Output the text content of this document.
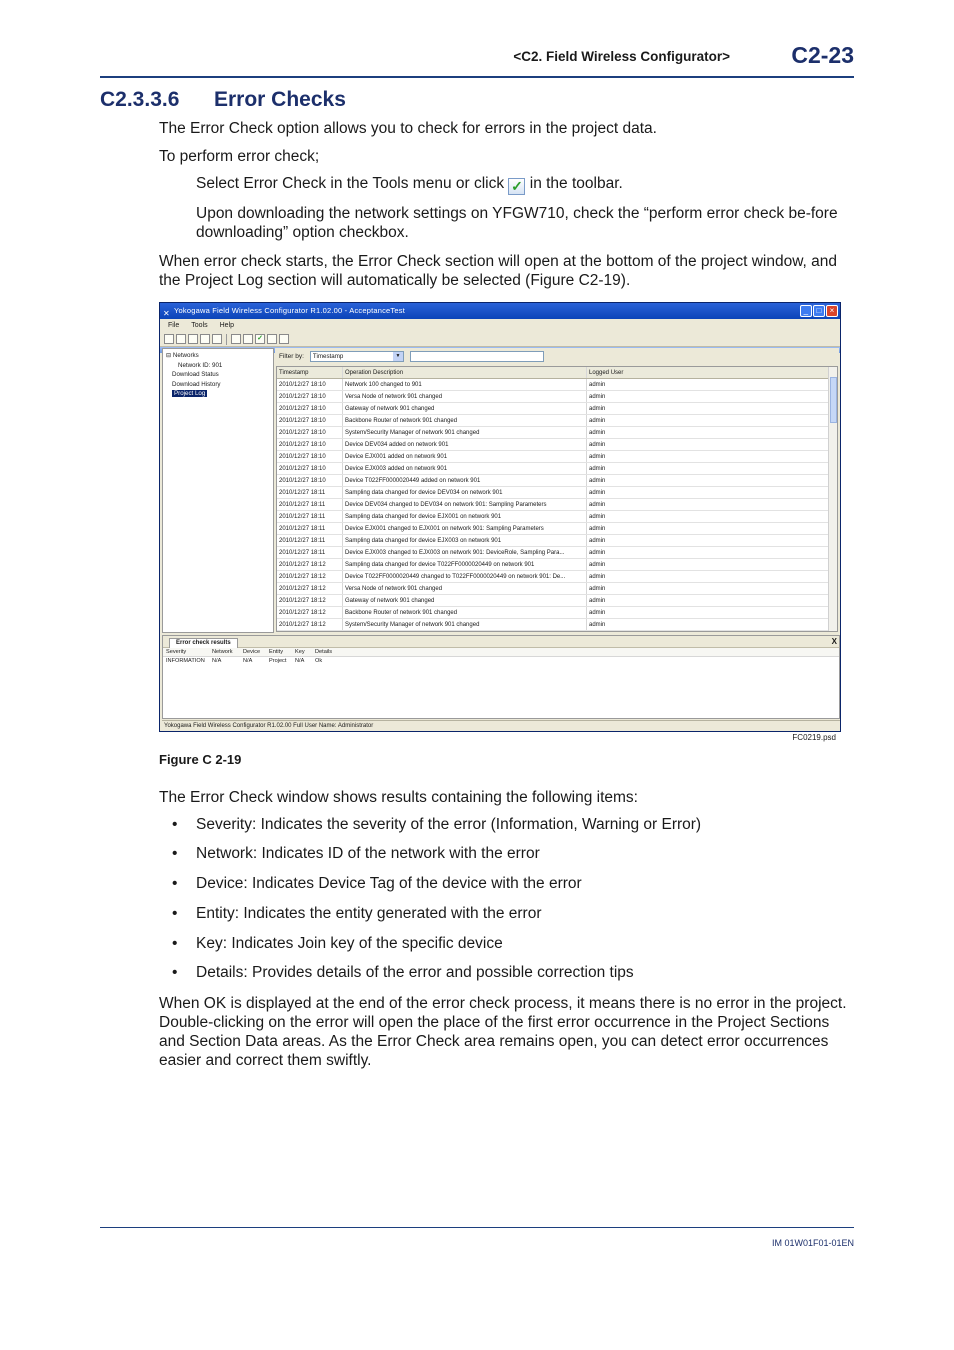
<C2. Field Wireless Configurator>	C2-23
C2.3.3.6 Error Checks
The Error Check option allows you to check for errors in the project data.
To perform error check;
Select Error Check in the Tools menu or click ✓ in the toolbar.
Upon downloading the network settings on YFGW710, check the “perform error check be-fore downloading” option checkbox.
When error check starts, the Error Check section will open at the bottom of the project window, and the Project Log section will automatically be selected (Figure C2-19).
✕ Yokogawa Field Wireless Configurator R1.02.00 - AcceptanceTest	_	□	×
File Tools Help
✓
⊟ Networks
Network ID: 901
Download Status
Download History
Project Log
Filter by:	Timestamp	▼
Timestamp	Operation Description	Logged User
2010/12/27 18:10	Network 100 changed to 901	admin
2010/12/27 18:10	Versa Node of network 901 changed	admin
2010/12/27 18:10	Gateway of network 901 changed	admin
2010/12/27 18:10	Backbone Router of network 901 changed	admin
2010/12/27 18:10	System/Security Manager of network 901 changed	admin
2010/12/27 18:10	Device DEV034 added on network 901	admin
2010/12/27 18:10	Device EJX001 added on network 901	admin
2010/12/27 18:10	Device EJX003 added on network 901	admin
2010/12/27 18:10	Device T022FF0000020449 added on network 901	admin
2010/12/27 18:11	Sampling data changed for device DEV034 on network 901	admin
2010/12/27 18:11	Device DEV034 changed to DEV034 on network 901: Sampling Parameters	admin
2010/12/27 18:11	Sampling data changed for device EJX001 on network 901	admin
2010/12/27 18:11	Device EJX001 changed to EJX001 on network 901: Sampling Parameters	admin
2010/12/27 18:11	Sampling data changed for device EJX003 on network 901	admin
2010/12/27 18:11	Device EJX003 changed to EJX003 on network 901: DeviceRole, Sampling Para...	admin
2010/12/27 18:12	Sampling data changed for device T022FF0000020449 on network 901	admin
2010/12/27 18:12	Device T022FF0000020449 changed to T022FF0000020449 on network 901: De...	admin
2010/12/27 18:12	Versa Node of network 901 changed	admin
2010/12/27 18:12	Gateway of network 901 changed	admin
2010/12/27 18:12	Backbone Router of network 901 changed	admin
2010/12/27 18:12	System/Security Manager of network 901 changed	admin
Error check results	X
Severity	Network	Device	Entity	Key	Details
INFORMATION	N/A	N/A	Project	N/A	Ok
Yokogawa Field Wireless Configurator R1.02.00 Full User Name: Administrator
FC0219.psd
Figure C 2-19
The Error Check window shows results containing the following items:
• Severity: Indicates the severity of the error (Information, Warning or Error)
• Network: Indicates ID of the network with the error
• Device: Indicates Device Tag of the device with the error
• Entity: Indicates the entity generated with the error
• Key: Indicates Join key of the specific device
• Details: Provides details of the error and possible correction tips
When OK is displayed at the end of the error check process, it means there is no error in the project. Double-clicking on the error will open the place of the first error occurrence in the Project Sections and Section Data areas. As the Error Check area remains open, you can detect error occurrences easier and correct them swiftly.
IM 01W01F01-01EN
